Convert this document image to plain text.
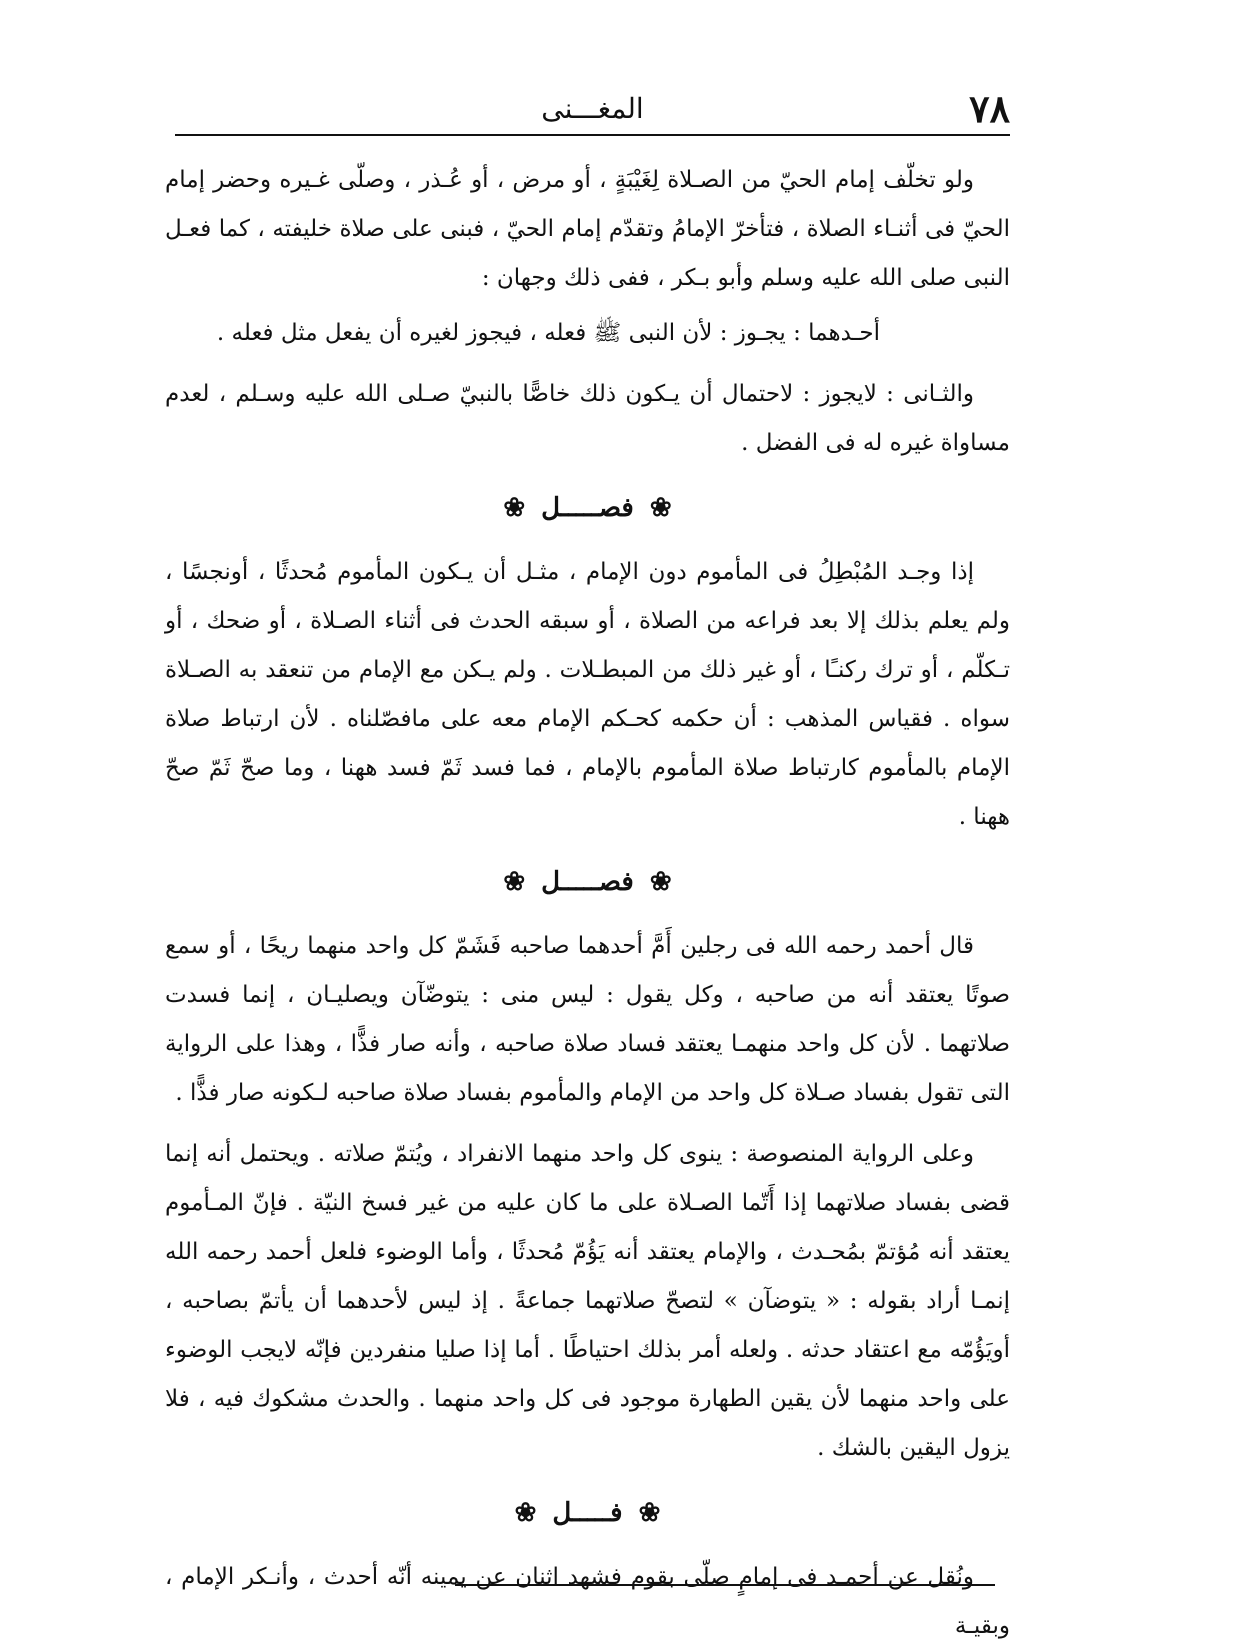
٧٨
المغـــنى

ولو تخلّف إمام الحيّ من الصـلاة لِغَيْبَةٍ ، أو مرض ، أو عُـذر ، وصلّى غـيره وحضر إمام الحيّ فى أثنـاء الصلاة ، فتأخرّ الإمامُ وتقدّم إمام الحيّ ، فبنى على صلاة خليفته ، كما فعـل النبى صلى الله عليه وسلم وأبو بـكر ، ففى ذلك وجهان :

أحـدهما : يجـوز : لأن النبى ﷺ فعله ، فيجوز لغيره أن يفعل مثل فعله .

والثـانى : لايجوز : لاحتمال أن يـكون ذلك خاصًّا بالنبيّ صـلى الله عليه وسـلم ، لعدم مساواة غيره له فى الفضل .

❀فصـــــل❀

إذا وجـد المُبْطِلُ فى المأموم دون الإمام ، مثـل أن يـكون المأموم مُحدثًا ، أونجسًا ، ولم يعلم بذلك إلا بعد فراعه من الصلاة ، أو سبقه الحدث فى أثناء الصـلاة ، أو ضحك ، أو تـكلّم ، أو ترك ركنـًا ، أو غير ذلك من المبطـلات . ولم يـكن مع الإمام من تنعقد به الصـلاة سواه . فقياس المذهب : أن حكمه كحـكم الإمام معه على مافصّلناه . لأن ارتباط صلاة الإمام بالمأموم كارتباط صلاة المأموم بالإمام ، فما فسد ثَمّ فسد ههنا ، وما صحّ ثَمّ صحّ ههنا .

❀فصـــــل❀

قال أحمد رحمه الله فى رجلين أَمَّ أحدهما صاحبه فَشَمّ كل واحد منهما ريحًا ، أو سمع صوتًا يعتقد أنه من صاحبه ، وكل يقول : ليس منى : يتوضّآن ويصليـان ، إنما فسدت صلاتهما . لأن كل واحد منهمـا يعتقد فساد صلاة صاحبه ، وأنه صار فذًّا ، وهذا على الرواية التى تقول بفساد صـلاة كل واحد من الإمام والمأموم بفساد صلاة صاحبه لـكونه صار فذًّا .

وعلى الرواية المنصوصة : ينوى كل واحد منهما الانفراد ، ويُتمّ صلاته . ويحتمل أنه إنما قضى بفساد صلاتهما إذا أَتّما الصـلاة على ما كان عليه من غير فسخ النيّة . فإنّ المـأموم يعتقد أنه مُؤتمّ بمُحـدث ، والإمام يعتقد أنه يَؤُمّ مُحدثًا ، وأما الوضوء فلعل أحمد رحمه الله إنمـا أراد بقوله : « يتوضآن » لتصحّ صلاتهما جماعةً . إذ ليس لأحدهما أن يأتمّ بصاحبه ، أويَؤُمّه مع اعتقاد حدثه . ولعله أمر بذلك احتياطًا . أما إذا صليا منفردين فإنّه لايجب الوضوء على واحد منهما لأن يقين الطهارة موجود فى كل واحد منهما . والحدث مشكوك فيه ، فلا يزول اليقين بالشك .

❀فـــــل❀

ونُقل عن أحمـد فى إمامٍ صلّى بقوم فشهد اثنان عن يمينه أنّه أحدث ، وأنـكر الإمام ، وبقيـة
